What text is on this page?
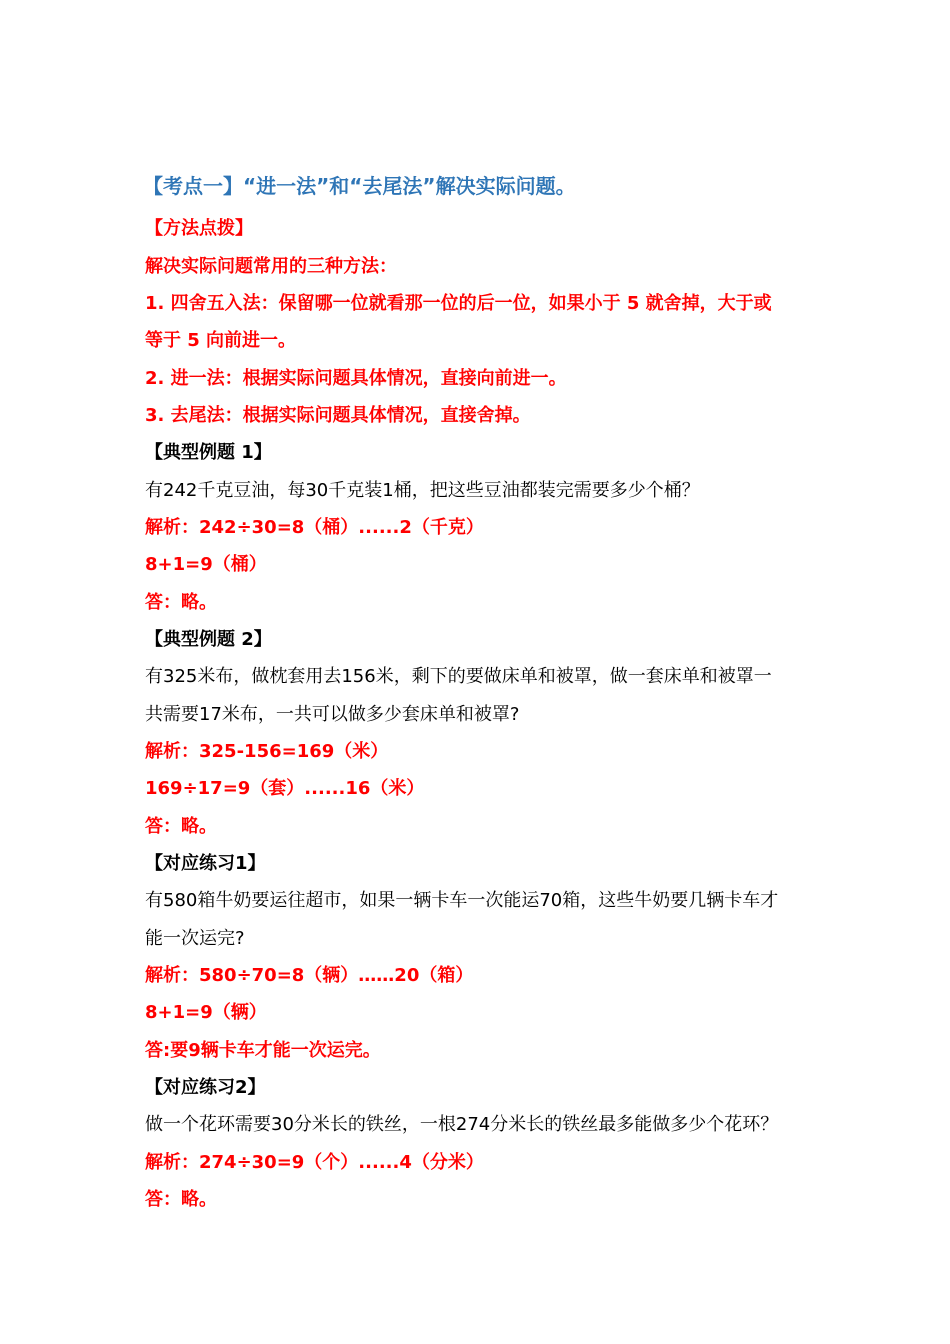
【考点一】“进一法”和“去尾法”解决实际问题。
【方法点拨】
解决实际问题常用的三种方法：
1. 四舍五入法：保留哪一位就看那一位的后一位，如果小于 5 就舍掉，大于或
等于 5 向前进一。
2. 进一法：根据实际问题具体情况，直接向前进一。
3. 去尾法：根据实际问题具体情况，直接舍掉。
【典型例题 1】
有242千克豆油，每30千克装1桶，把这些豆油都装完需要多少个桶？
解析：242÷30=8（桶）......2（千克）
8+1=9（桶）
答：略。
【典型例题 2】
有325米布，做枕套用去156米，剩下的要做床单和被罩，做一套床单和被罩一
共需要17米布，一共可以做多少套床单和被罩?
解析：325-156=169（米）
169÷17=9（套）......16（米）
答：略。
【对应练习1】
有580箱牛奶要运往超市，如果一辆卡车一次能运70箱，这些牛奶要几辆卡车才
能一次运完?
解析：580÷70=8（辆）……20（箱）
8+1=9（辆）
答:要9辆卡车才能一次运完。
【对应练习2】
做一个花环需要30分米长的铁丝，一根274分米长的铁丝最多能做多少个花环？
解析：274÷30=9（个）......4（分米）
答：略。
